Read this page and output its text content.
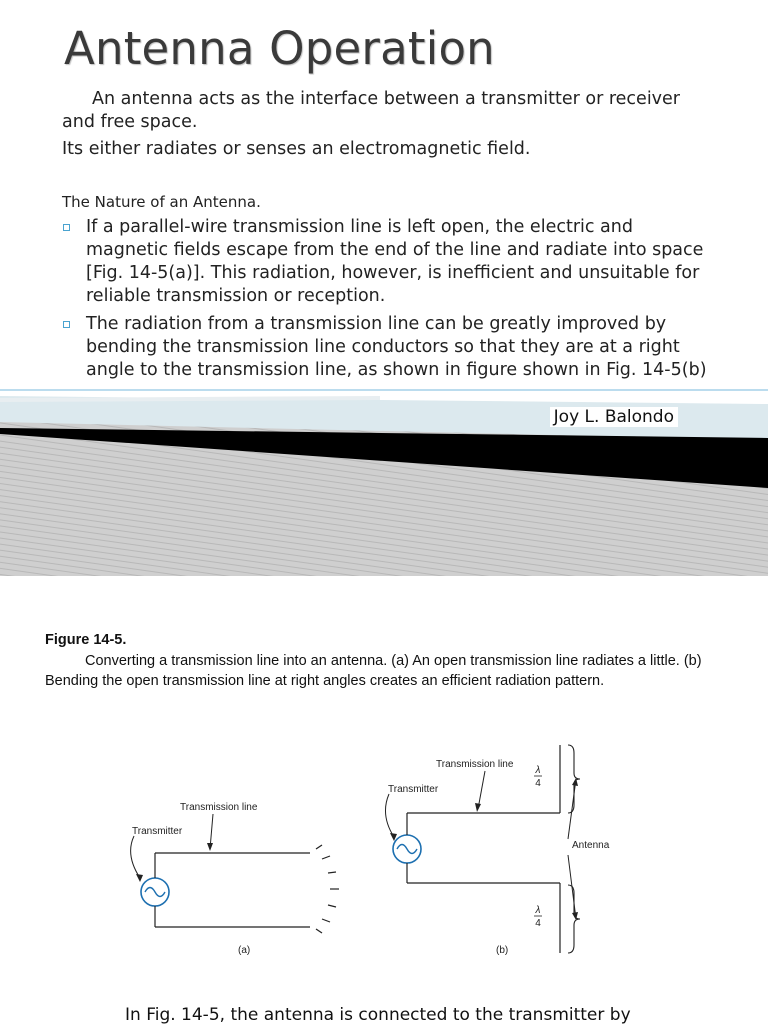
Antenna Operation

An antenna acts as the interface between a transmitter or receiver and free space.

Its either radiates or senses an electromagnetic field.

The Nature of an Antenna.
If a parallel-wire transmission line is left open, the electric and magnetic fields escape from the end of the line and radiate into space [Fig. 14-5(a)]. This radiation, however, is inefficient and unsuitable for reliable transmission or reception.
The radiation from a transmission line can be greatly improved by bending the transmission line conductors so that they are at a right angle to the transmission line, as shown in figure shown in Fig. 14-5(b)
Joy L. Balondo
Figure 14-5.
Converting a transmission line into an antenna. (a) An open transmission line radiates a little. (b) Bending the open transmission line at right angles creates an efficient radiation pattern.
Transmission line
Transmitter
(a)
λ
4
λ
4
Transmission line
Transmitter
Antenna
(b)
In Fig. 14-5, the antenna is connected to the transmitter by
